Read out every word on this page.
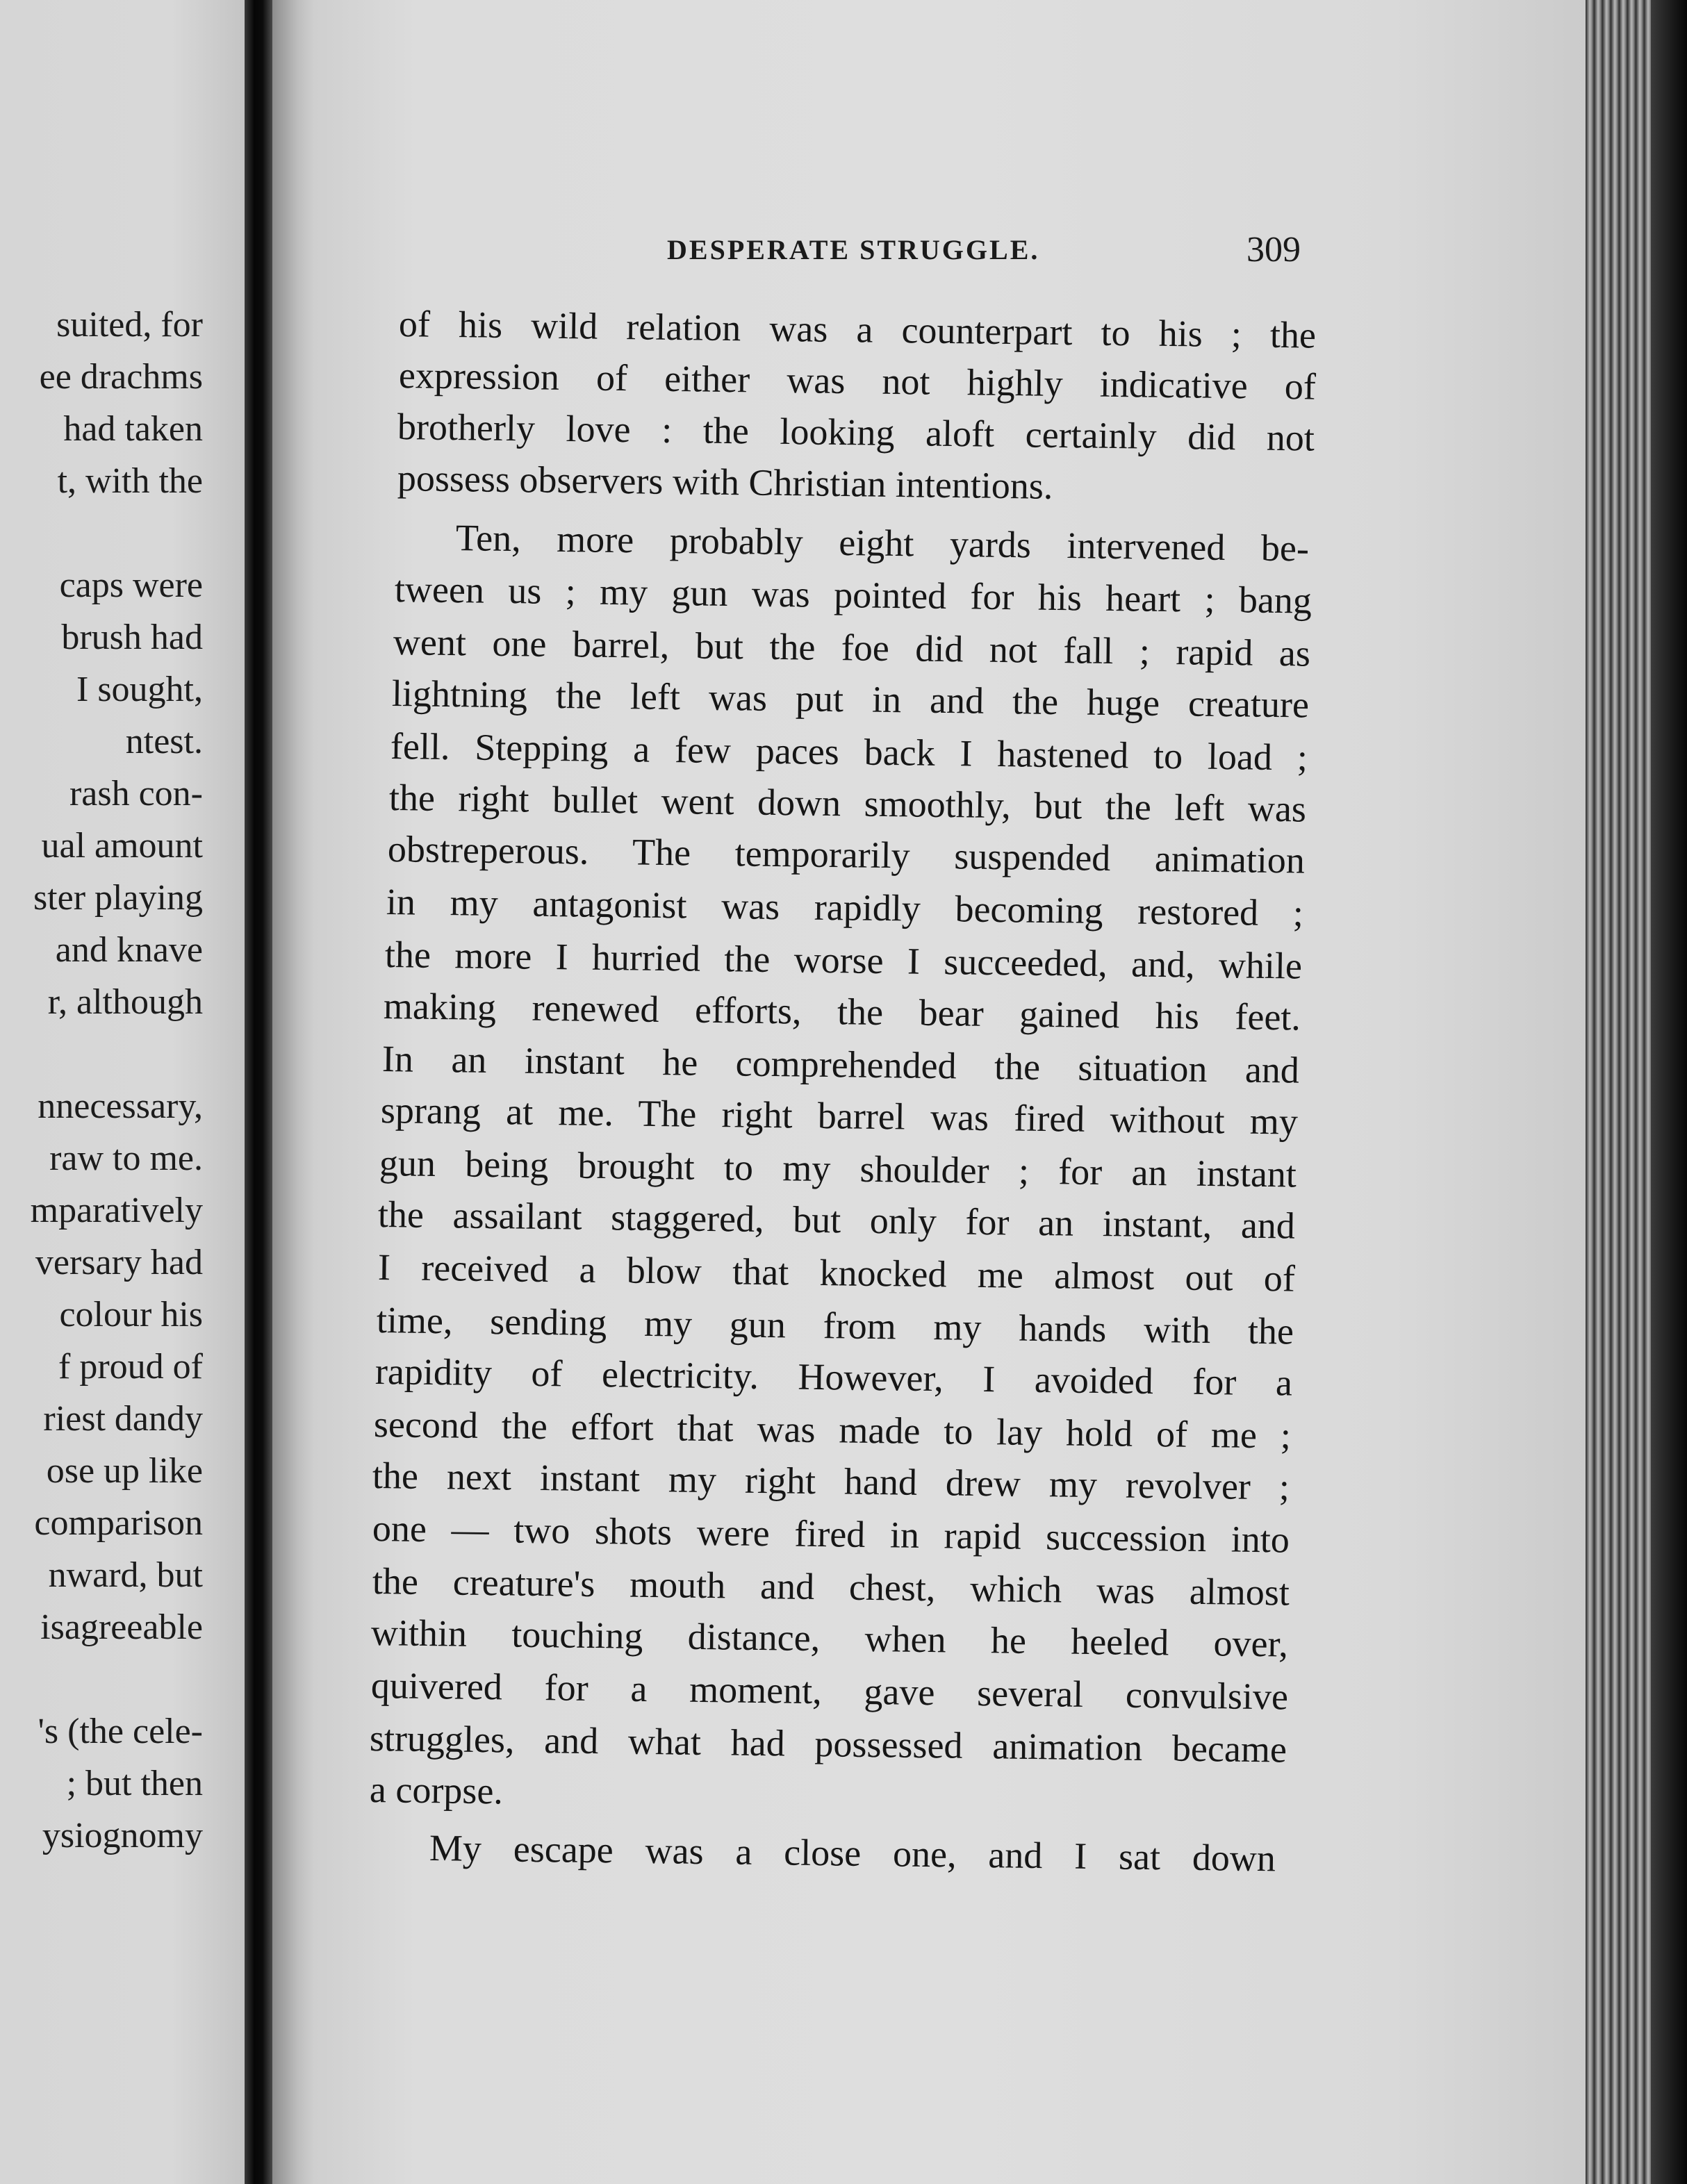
suited, for
ee drachms
had taken
t, with the
caps were
brush had
I sought,
ntest.
rash con-
ual amount
ster playing
and knave
r, although
nnecessary,
raw to me.
mparatively
versary had
colour his
f proud of
riest dandy
ose up like
comparison
nward, but
isagreeable
's (the cele-
; but then
ysiognomy
DESPERATE STRUGGLE.	309
of his wild relation was a counterpart to his ; the
expression of either was not highly indicative of
brotherly love : the looking aloft certainly did not
possess observers with Christian intentions.
Ten, more probably eight yards intervened be-
tween us ; my gun was pointed for his heart ; bang
went one barrel, but the foe did not fall ; rapid as
lightning the left was put in and the huge creature
fell. Stepping a few paces back I hastened to load ;
the right bullet went down smoothly, but the left was
obstreperous. The temporarily suspended animation
in my antagonist was rapidly becoming restored ;
the more I hurried the worse I succeeded, and, while
making renewed efforts, the bear gained his feet.
In an instant he comprehended the situation and
sprang at me. The right barrel was fired without my
gun being brought to my shoulder ; for an instant
the assailant staggered, but only for an instant, and
I received a blow that knocked me almost out of
time, sending my gun from my hands with the
rapidity of electricity. However, I avoided for a
second the effort that was made to lay hold of me ;
the next instant my right hand drew my revolver ;
one — two shots were fired in rapid succession into
the creature's mouth and chest, which was almost
within touching distance, when he heeled over,
quivered for a moment, gave several convulsive
struggles, and what had possessed animation became
a corpse.
My escape was a close one, and I sat down
